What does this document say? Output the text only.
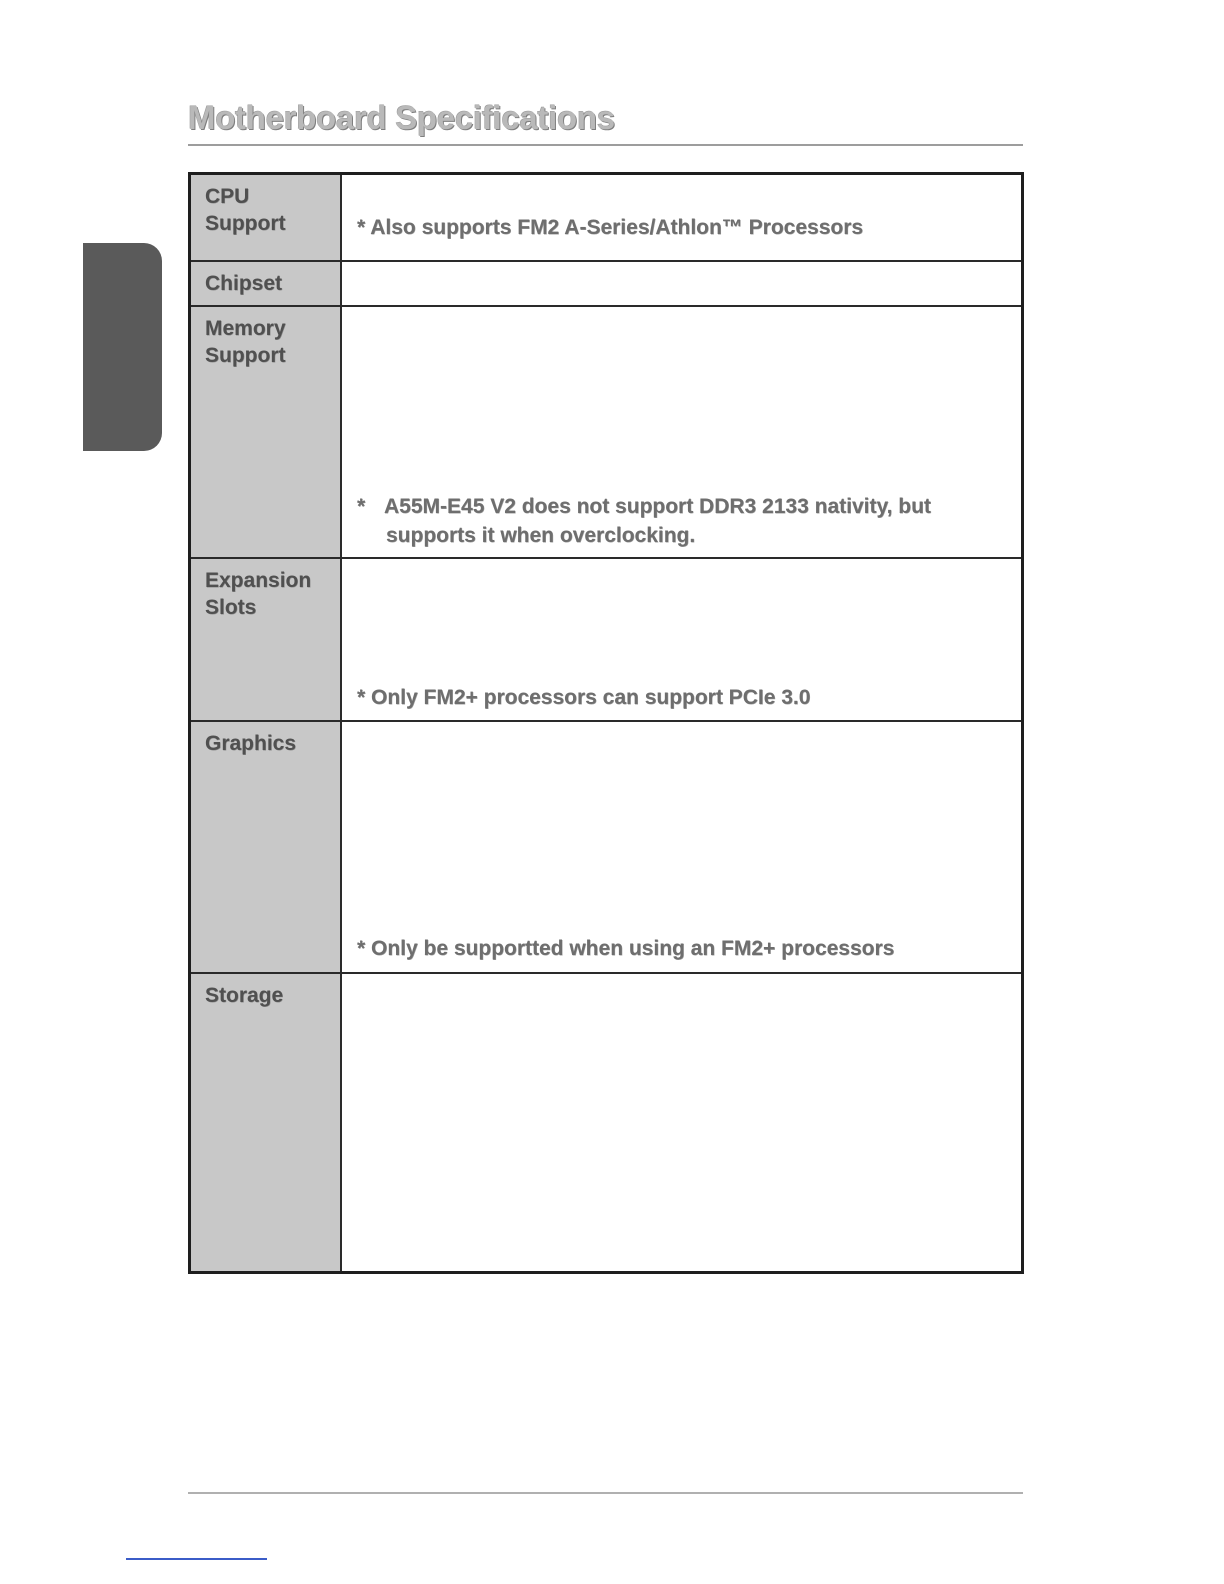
Motherboard Specifications
CPU
Support	* Also supports FM2 A-Series/Athlon™ Processors
Chipset
Memory
Support
* A55M-E45 V2 does not support DDR3 2133 nativity, but
supports it when overclocking.
Expansion
Slots
* Only FM2+ processors can support PCIe 3.0
Graphics
* Only be supportted when using an FM2+ processors
Storage
